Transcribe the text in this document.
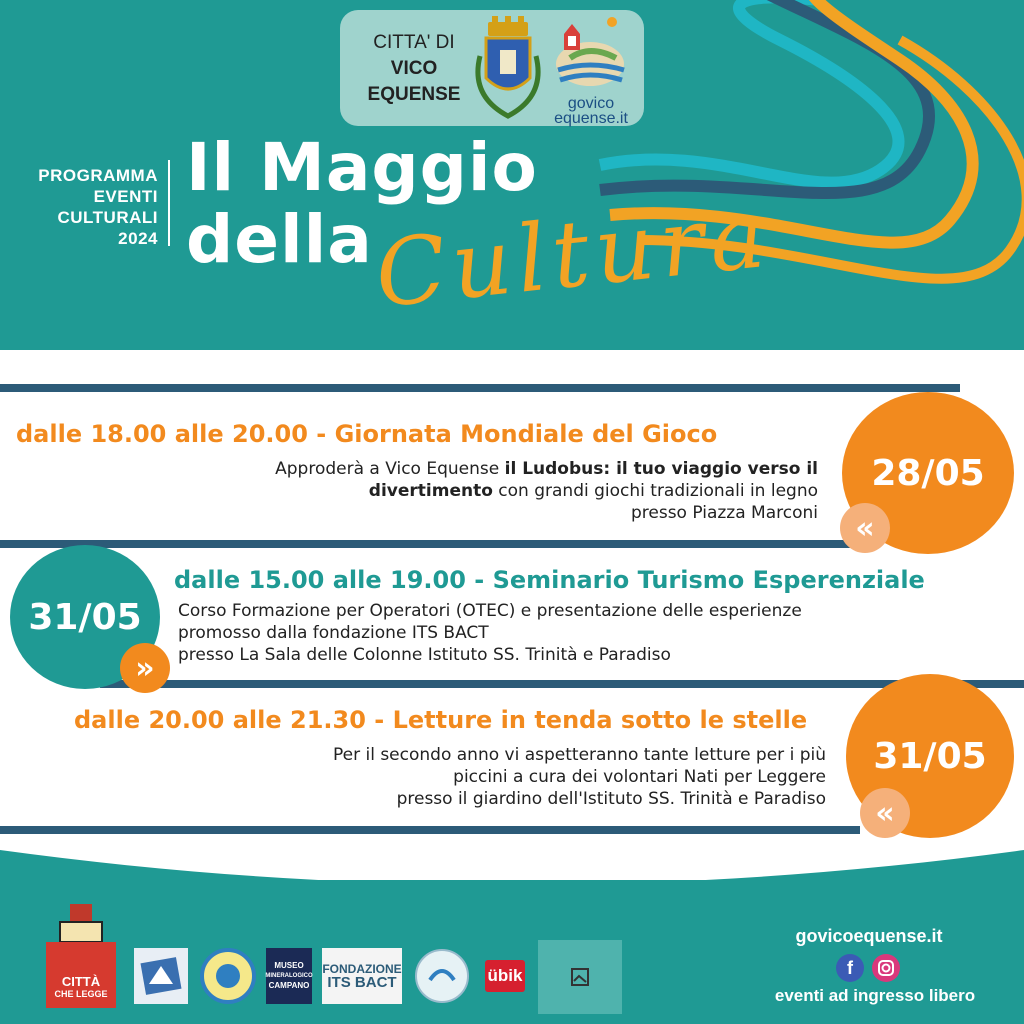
CITTA' DI
VICO
EQUENSE	govico
equense.it
PROGRAMMA
EVENTI
CULTURALI
2024
Il Maggio
della
Cultura
dalle 18.00 alle 20.00 - Giornata Mondiale del Gioco
Approderà a Vico Equense il Ludobus: il tuo viaggio verso il
divertimento con grandi giochi tradizionali in legno
presso Piazza Marconi
28/05
«
dalle 15.00 alle 19.00 - Seminario Turismo Esperenziale
Corso Formazione per Operatori (OTEC) e presentazione delle esperienze
promosso dalla fondazione ITS BACT
presso La Sala delle Colonne Istituto SS. Trinità e Paradiso
31/05
»
dalle 20.00 alle 21.30 - Letture in tenda sotto le stelle
Per il secondo anno vi aspetteranno tante letture per i più
piccini a cura dei volontari Nati per Leggere
presso il giardino dell'Istituto SS. Trinità e Paradiso
31/05
«
CITTÀ
CHE LEGGE
MUSEO
MINERALOGICO
CAMPANO
FONDAZIONE
ITS BACT	übik
govicoequense.it
f
eventi ad ingresso libero
